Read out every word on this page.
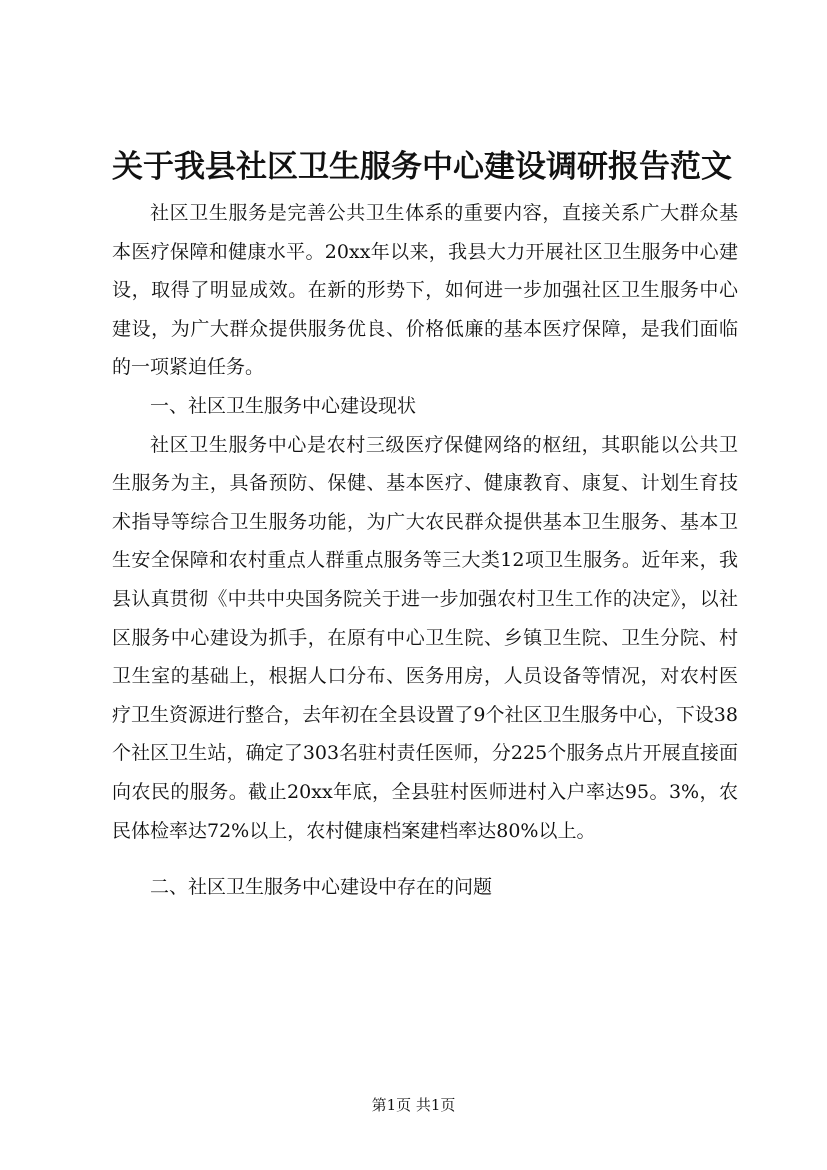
关于我县社区卫生服务中心建设调研报告范文

社区卫生服务是完善公共卫生体系的重要内容，直接关系广大群众基本医疗保障和健康水平。20xx年以来，我县大力开展社区卫生服务中心建设，取得了明显成效。在新的形势下，如何进一步加强社区卫生服务中心建设，为广大群众提供服务优良、价格低廉的基本医疗保障，是我们面临的一项紧迫任务。

一、社区卫生服务中心建设现状

社区卫生服务中心是农村三级医疗保健网络的枢纽，其职能以公共卫生服务为主，具备预防、保健、基本医疗、健康教育、康复、计划生育技术指导等综合卫生服务功能，为广大农民群众提供基本卫生服务、基本卫生安全保障和农村重点人群重点服务等三大类12项卫生服务。近年来，我县认真贯彻《中共中央国务院关于进一步加强农村卫生工作的决定》，以社区服务中心建设为抓手，在原有中心卫生院、乡镇卫生院、卫生分院、村卫生室的基础上，根据人口分布、医务用房，人员设备等情况，对农村医疗卫生资源进行整合，去年初在全县设置了9个社区卫生服务中心，下设38个社区卫生站，确定了303名驻村责任医师，分225个服务点片开展直接面向农民的服务。截止20xx年底，全县驻村医师进村入户率达95。3%，农民体检率达72%以上，农村健康档案建档率达80%以上。

二、社区卫生服务中心建设中存在的问题

第1页 共1页
